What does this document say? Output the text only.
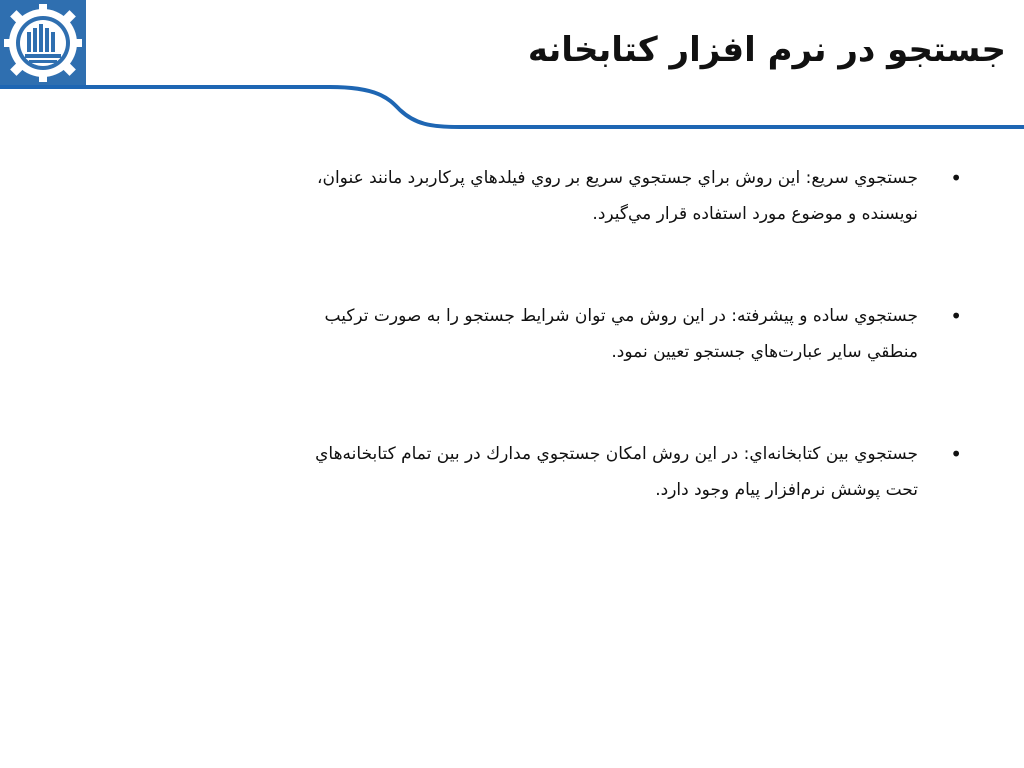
جستجو در نرم افزار کتابخانه
•
جستجوي سريع: اين روش براي جستجوي سريع بر روي فيلدهاي پرکاربرد مانند عنوان،
نويسنده و موضوع مورد استفاده قرار مي‌گيرد.
•
جستجوي ساده و پيشرفته: در اين روش مي توان شرايط جستجو را به صورت ترکيب
منطقي ساير عبارت‌هاي جستجو تعيين نمود.
•
جستجوي بين کتابخانه‌اي: در اين روش امکان جستجوي مدارك در بين تمام کتابخانه‌هاي
تحت پوشش نرم‌افزار پيام وجود دارد.
